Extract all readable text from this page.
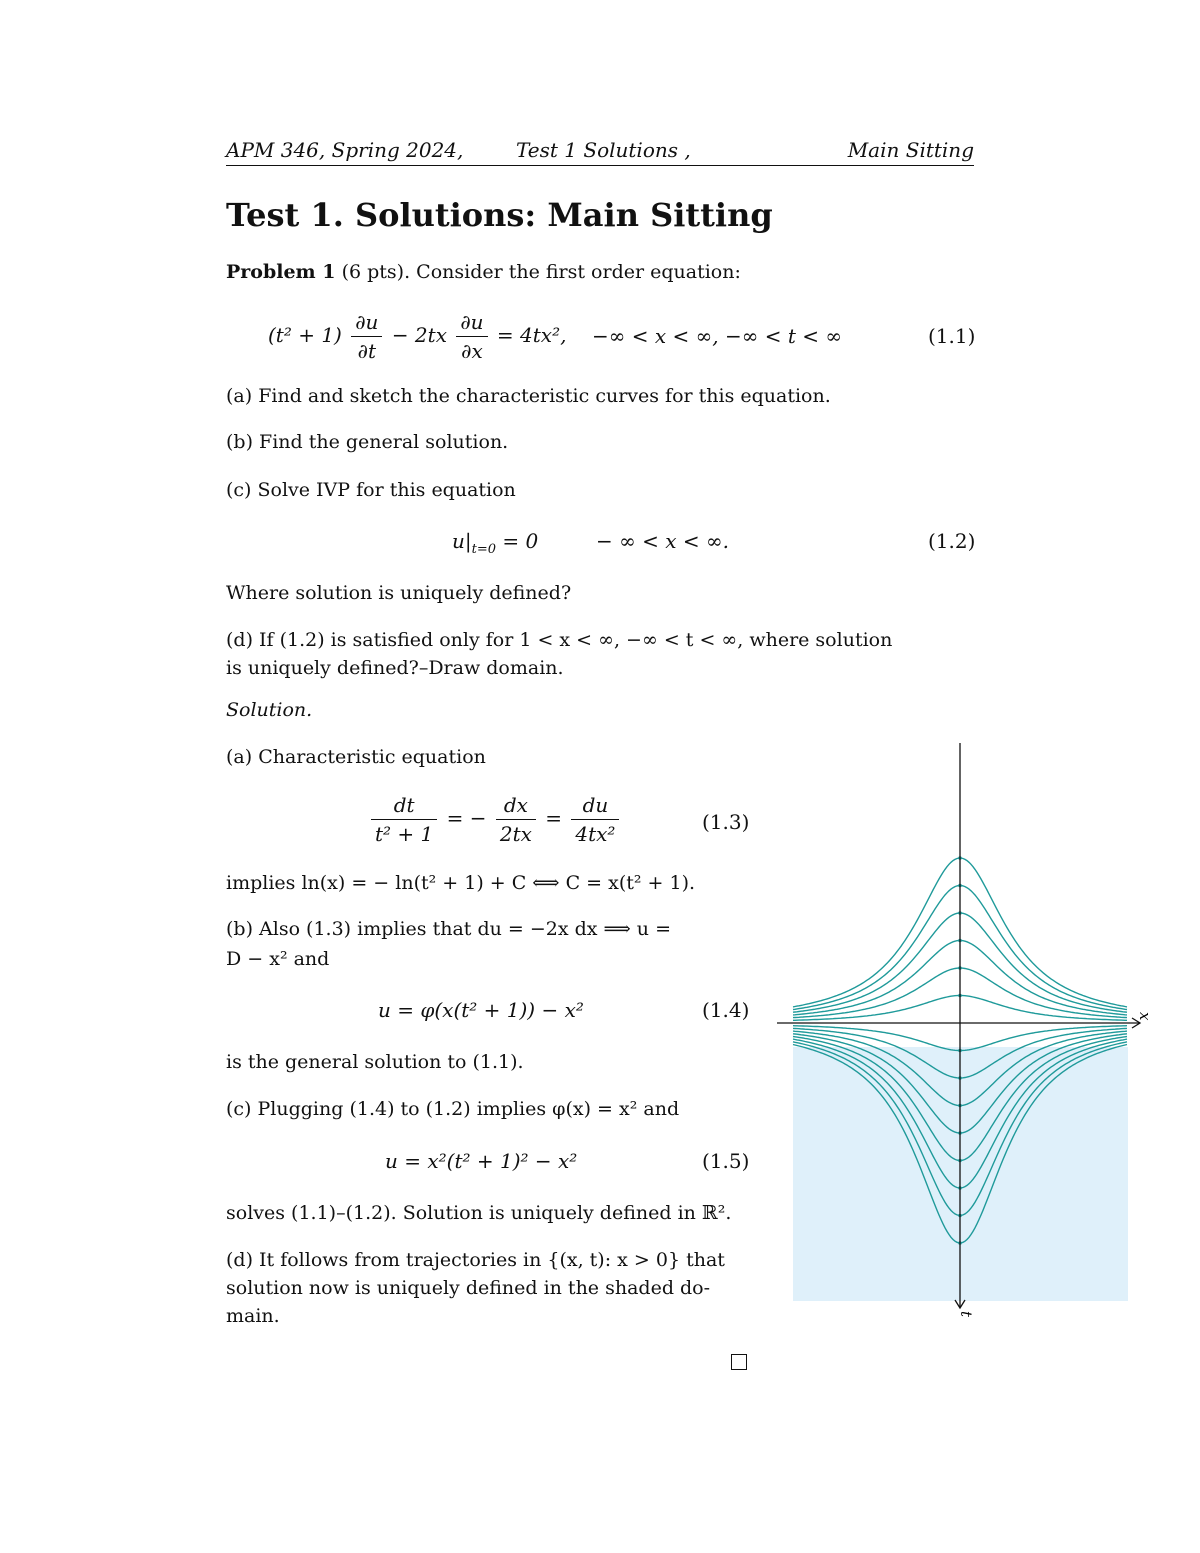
APM 346, Spring 2024,	Test 1 Solutions ,	Main Sitting
Test 1. Solutions: Main Sitting
Problem 1 (6 pts). Consider the first order equation:
$(t^2 + 1) \frac{\partial u}{\partial t} - 2tx \frac{\partial u}{\partial x} = 4tx^2$, −∞ < x < ∞, −∞ < t < ∞	(1.1)
(a) Find and sketch the characteristic curves for this equation.
(b) Find the general solution.
(c) Solve IVP for this equation
$u|_{t=0} = 0$	− ∞ < x < ∞.	(1.2)
Where solution is uniquely defined?
(d) If (1.2) is satisfied only for 1 < x < ∞, −∞ < t < ∞, where solution
is uniquely defined?–Draw domain.
Solution.
(a) Characteristic equation
$\frac{dt}{\text{t² + 1}}$ = − $\frac{dx}{2tx} = \frac{du}{\text{4tx²}}$	(1.3)
implies ln(x) = − ln(t² + 1) + C ⟺ C = x(t² + 1).
(b) Also (1.3) implies that du = −2x dx ⟹ u =
D − x² and
u = φ(x(t² + 1)) − x²	(1.4)
is the general solution to (1.1).
(c) Plugging (1.4) to (1.2) implies φ(x) = x² and
u = x²(t² + 1)² − x²	(1.5)
solves (1.1)–(1.2). Solution is uniquely defined in ℝ².
(d) It follows from trajectories in {(x, t): x > 0} that
solution now is uniquely defined in the shaded do-
main.
x
t
